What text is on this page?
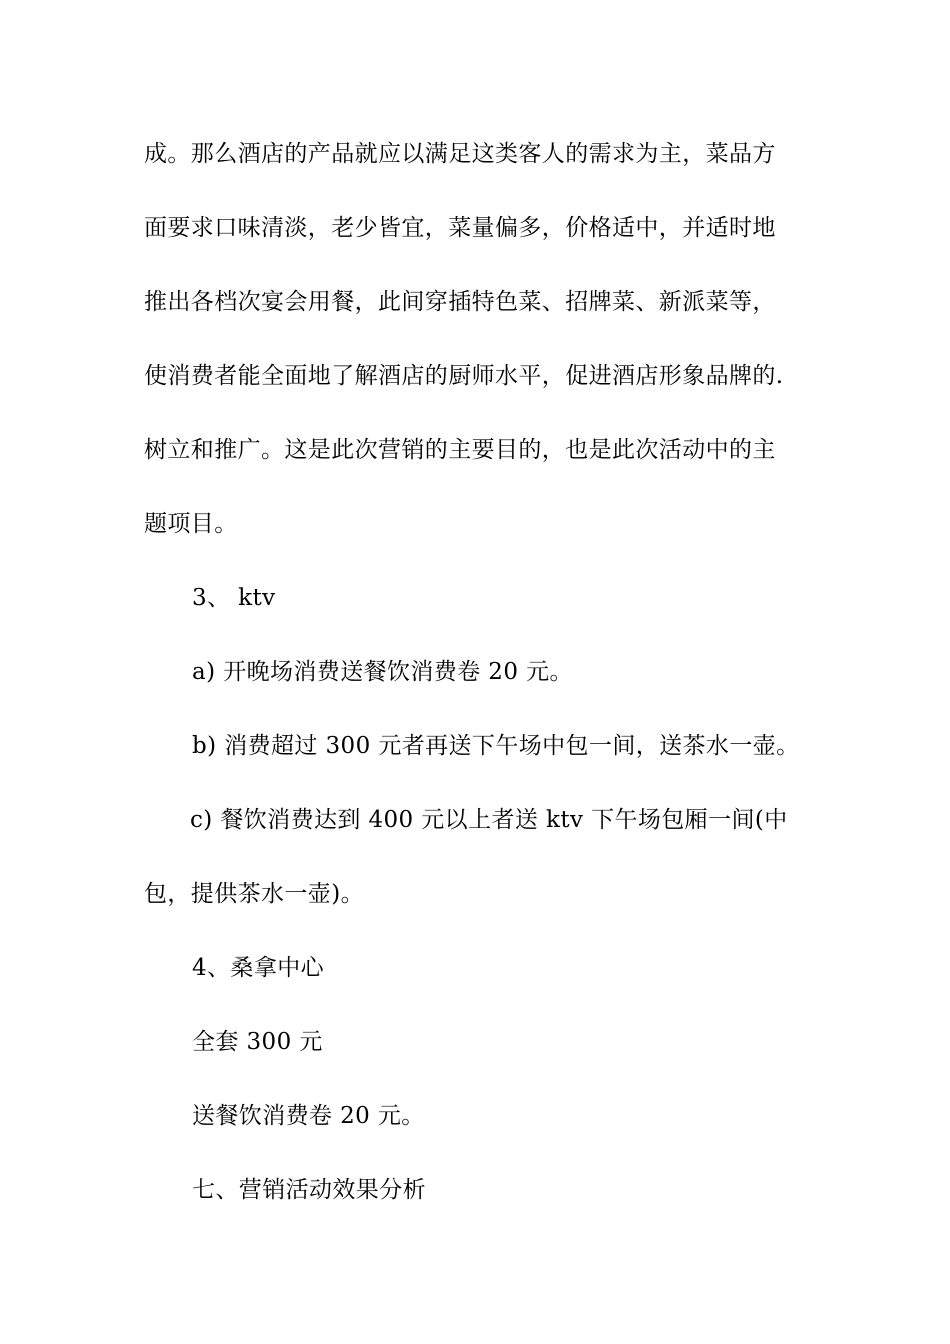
成。那么酒店的产品就应以满足这类客人的需求为主，菜品方
面要求口味清淡，老少皆宜，菜量偏多，价格适中，并适时地
推出各档次宴会用餐，此间穿插特色菜、招牌菜、新派菜等，
使消费者能全面地了解酒店的厨师水平，促进酒店形象品牌的.
树立和推广。这是此次营销的主要目的，也是此次活动中的主
题项目。
3、 ktv
a) 开晚场消费送餐饮消费卷 20 元。
b) 消费超过 300 元者再送下午场中包一间，送茶水一壶。
c) 餐饮消费达到 400 元以上者送 ktv 下午场包厢一间(中
包，提供茶水一壶)。
4、桑拿中心
全套 300 元
送餐饮消费卷 20 元。
七、营销活动效果分析
